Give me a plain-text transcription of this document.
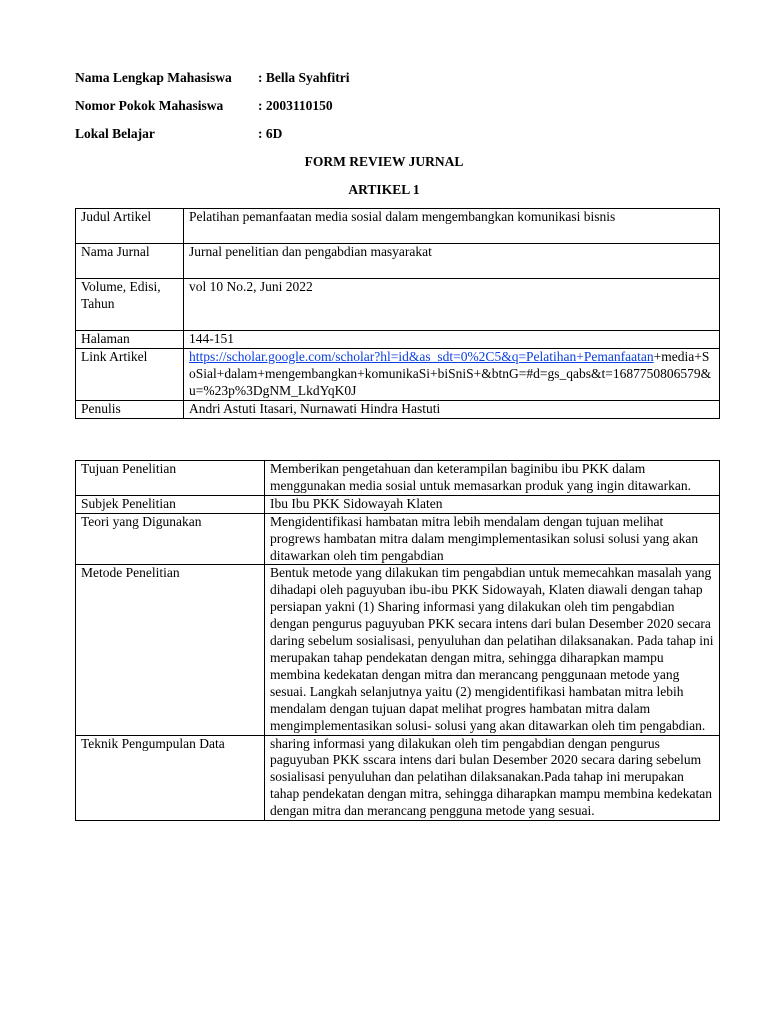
Nama Lengkap Mahasiswa : Bella Syahfitri
Nomor Pokok Mahasiswa	: 2003110150
Lokal Belajar	: 6D
FORM REVIEW JURNAL
ARTIKEL 1
Judul Artikel	Pelatihan pemanfaatan media sosial dalam mengembangkan komunikasi bisnis
Nama Jurnal	Jurnal penelitian dan pengabdian masyarakat
Volume, Edisi, Tahun	vol 10 No.2, Juni 2022
Halaman	144-151
Link Artikel	https://scholar.google.com/scholar?hl=id&as_sdt=0%2C5&q=Pelatihan+Pemanfaatan+media+SoSial+dalam+mengembangkan+komunikaSi+biSniS+&btnG=#d=gs_qabs&t=1687750806579&u=%23p%3DgNM_LkdYqK0J
Penulis	Andri Astuti Itasari, Nurnawati Hindra Hastuti
Tujuan Penelitian	Memberikan pengetahuan dan keterampilan baginibu ibu PKK dalam menggunakan media sosial untuk memasarkan produk yang ingin ditawarkan.
Subjek Penelitian	Ibu Ibu PKK Sidowayah Klaten
Teori yang Digunakan	Mengidentifikasi hambatan mitra lebih mendalam dengan tujuan melihat progrews hambatan mitra dalam mengimplementasikan solusi solusi yang akan ditawarkan oleh tim pengabdian
Metode Penelitian	Bentuk metode yang dilakukan tim pengabdian untuk memecahkan masalah yang dihadapi oleh paguyuban ibu-ibu PKK Sidowayah, Klaten diawali dengan tahap persiapan yakni (1) Sharing informasi yang dilakukan oleh tim pengabdian dengan pengurus paguyuban PKK secara intens dari bulan Desember 2020 secara daring sebelum sosialisasi, penyuluhan dan pelatihan dilaksanakan. Pada tahap ini merupakan tahap pendekatan dengan mitra, sehingga diharapkan mampu membina kedekatan dengan mitra dan merancang penggunaan metode yang sesuai. Langkah selanjutnya yaitu (2) mengidentifikasi hambatan mitra lebih mendalam dengan tujuan dapat melihat progres hambatan mitra dalam mengimplementasikan solusi- solusi yang akan ditawarkan oleh tim pengabdian.
Teknik Pengumpulan Data	sharing informasi yang dilakukan oleh tim pengabdian dengan pengurus paguyuban PKK sscara intens dari bulan Desember 2020 secara daring sebelum sosialisasi penyuluhan dan pelatihan dilaksanakan.Pada tahap ini merupakan tahap pendekatan dengan mitra, sehingga diharapkan mampu membina kedekatan dengan mitra dan merancang pengguna metode yang sesuai.
